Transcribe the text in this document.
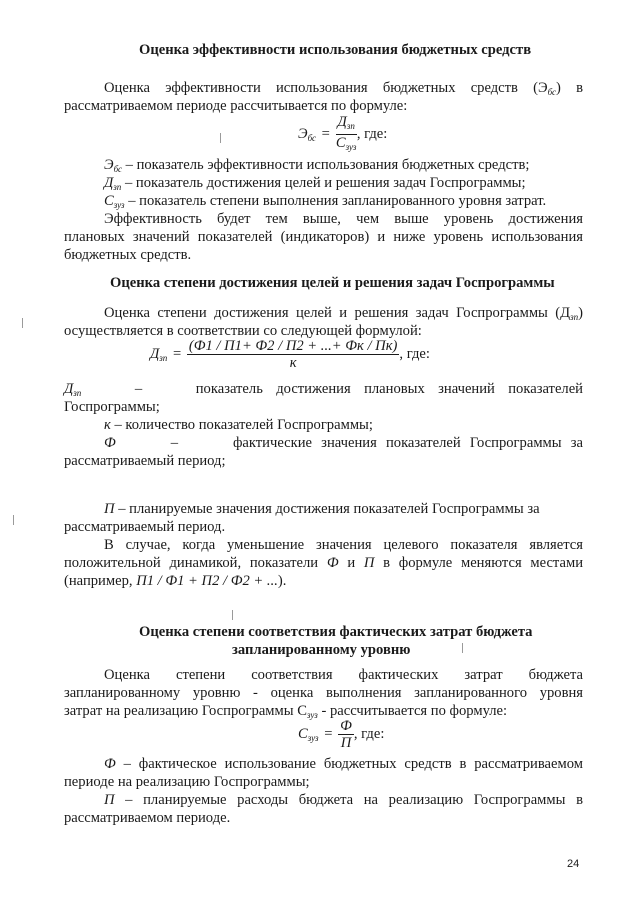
Оценка эффективности использования бюджетных средств
Оценка эффективности использования бюджетных средств $(Э_{бс})$ в
рассматриваемом периоде рассчитывается по формуле:
$Э_{бс} = \frac{Д_{зп}}{С_{зуз}}$ , где:
$Э_{бс}$ – показатель эффективности использования бюджетных средств;
$Д_{зп}$ – показатель достижения целей и решения задач Госпрограммы;
$С_{зуз}$ – показатель степени выполнения запланированного уровня затрат.
Эффективность будет тем выше, чем выше уровень достижения
плановых значений показателей (индикаторов) и ниже уровень использования
бюджетных средств.
Оценка степени достижения целей и решения задач Госпрограммы
Оценка степени достижения целей и решения задач Госпрограммы $(Д_{зп})$
осуществляется в соответствии со следующей формулой:
$Д_{зп} = \frac{(Ф1 / П1+ Ф2 / П2 + ...+ Фк / Пк)}{к}$ , где:
$Д_{зп}$    –    показатель достижения плановых значений показателей
Госпрограммы;
к – количество показателей Госпрограммы;
Ф      –      фактические значения показателей Госпрограммы за
рассматриваемый период;
П – планируемые значения достижения показателей Госпрограммы за
рассматриваемый период.
В случае, когда уменьшение значения целевого показателя является
положительной динамикой, показатели Ф и П в формуле меняются местами
(например, П1 / Ф1 + П2 / Ф2 + ...).
Оценка степени соответствия фактических затрат бюджета
запланированному уровню
Оценка степени соответствия фактических затрат бюджета
запланированному уровню - оценка выполнения запланированного уровня
затрат на реализацию Госпрограммы $С_{зуз}$ - рассчитывается по формуле:
$С_{зуз} = \frac{Ф}{П}$ , где:
Ф – фактическое использование бюджетных средств в рассматриваемом
периоде на реализацию Госпрограммы;
П – планируемые расходы бюджета на реализацию Госпрограммы в
рассматриваемом периоде.
24
